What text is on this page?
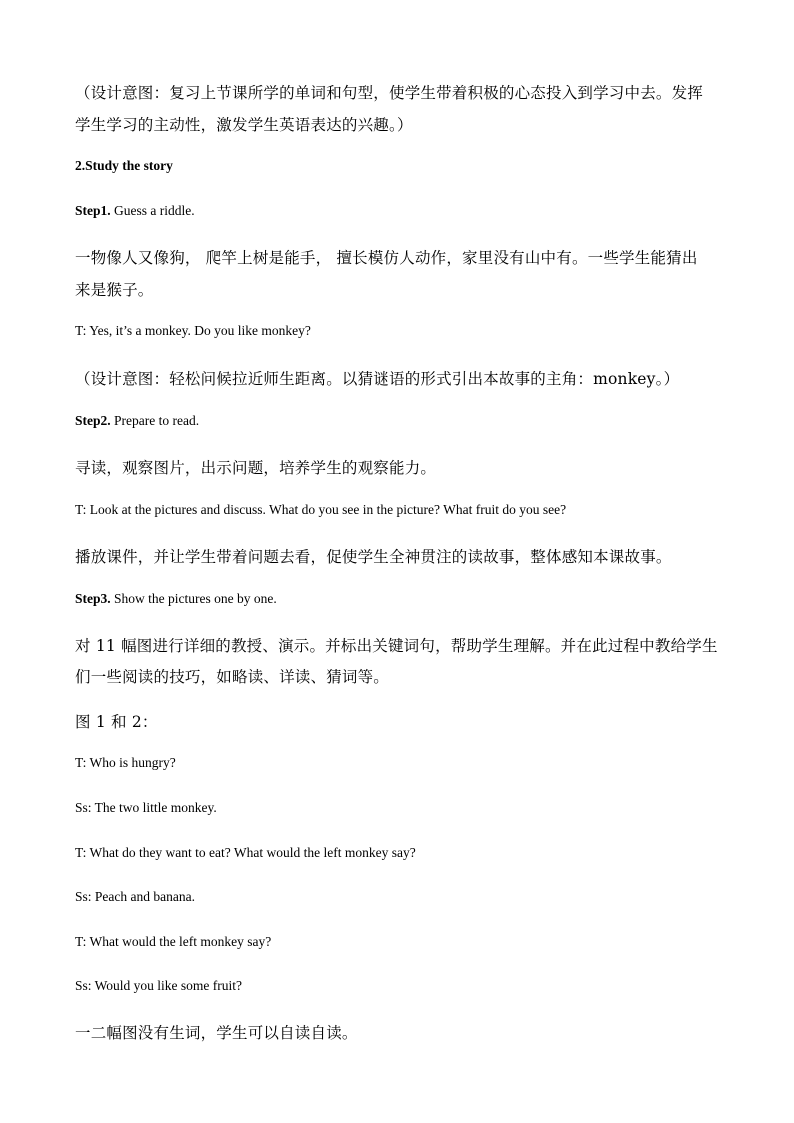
（设计意图：复习上节课所学的单词和句型，使学生带着积极的心态投入到学习中去。发挥
学生学习的主动性，激发学生英语表达的兴趣。）
2.Study the story
Step1. Guess a riddle.
一物像人又像狗， 爬竿上树是能手， 擅长模仿人动作，家里没有山中有。一些学生能猜出
来是猴子。
T: Yes, it’s a monkey. Do you like monkey?
（设计意图：轻松问候拉近师生距离。以猜谜语的形式引出本故事的主角：monkey。）
Step2. Prepare to read.
寻读，观察图片，出示问题，培养学生的观察能力。
T: Look at the pictures and discuss. What do you see in the picture? What fruit do you see?
播放课件，并让学生带着问题去看，促使学生全神贯注的读故事，整体感知本课故事。
Step3. Show the pictures one by one.
对 11 幅图进行详细的教授、演示。并标出关键词句，帮助学生理解。并在此过程中教给学生
们一些阅读的技巧，如略读、详读、猜词等。
图 1 和 2：
T: Who is hungry?
Ss: The two little monkey.
T: What do they want to eat? What would the left monkey say?
Ss: Peach and banana.
T: What would the left monkey say?
Ss: Would you like some fruit?
一二幅图没有生词，学生可以自读自读。
